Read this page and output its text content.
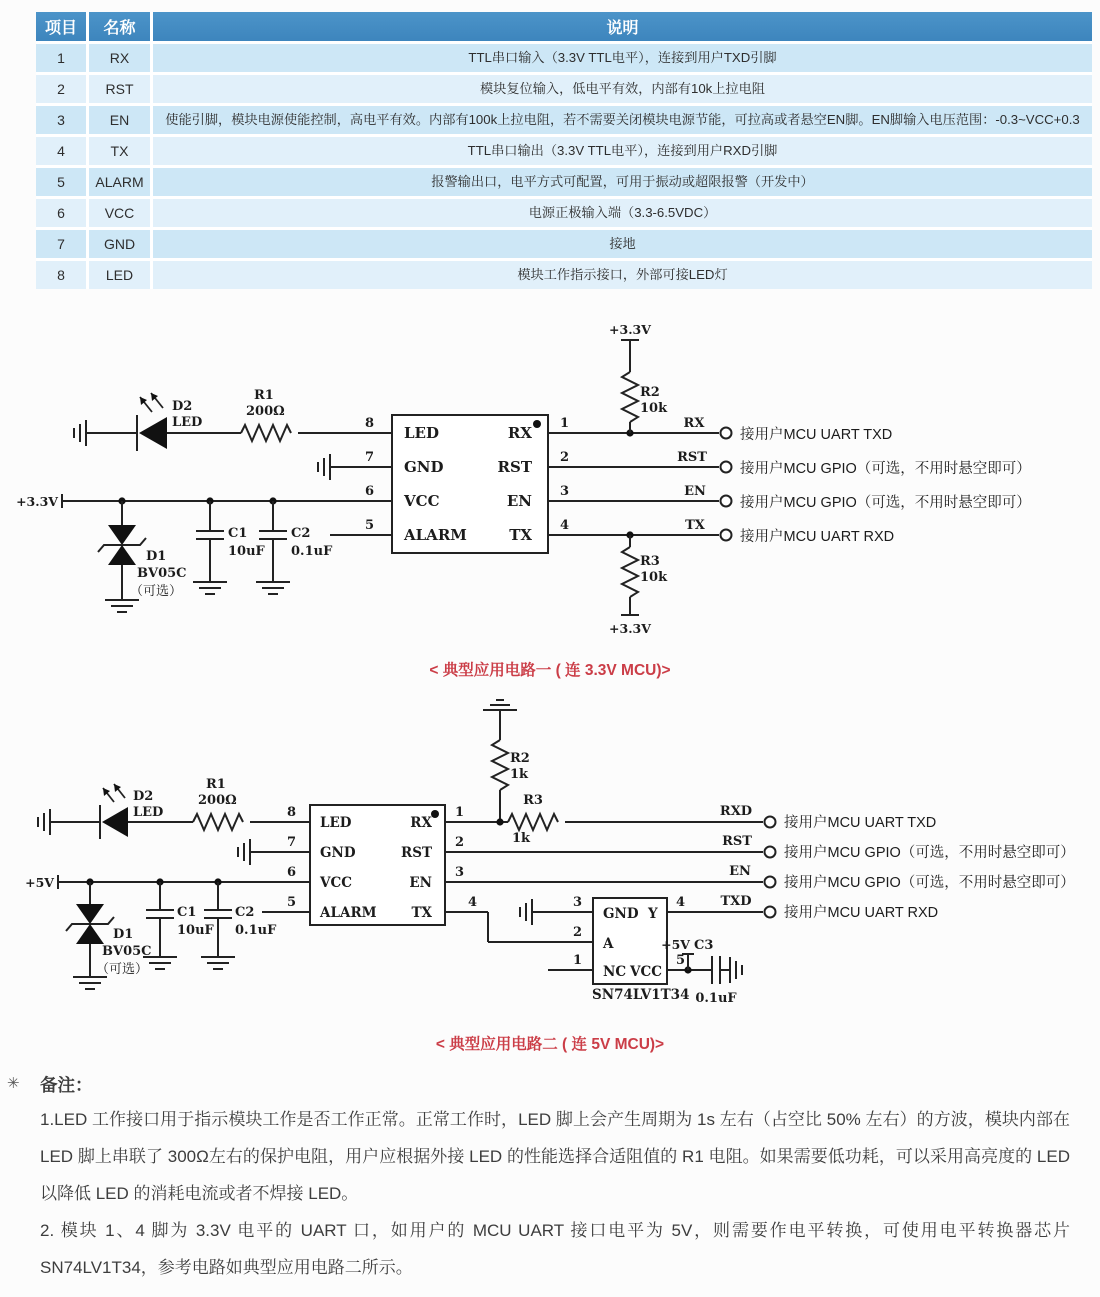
项目	名称	说明
1	RX	TTL串口输入（3.3V TTL电平），连接到用户TXD引脚
2	RST	模块复位输入，低电平有效，内部有10k上拉电阻
3	EN	使能引脚，模块电源使能控制，高电平有效。内部有100k上拉电阻，若不需要关闭模块电源节能，可拉高或者悬空EN脚。EN脚输入电压范围：-0.3~VCC+0.3
4	TX	TTL串口输出（3.3V TTL电平），连接到用户RXD引脚
5	ALARM	报警输出口，电平方式可配置，可用于振动或超限报警（开发中）
6	VCC	电源正极输入端（3.3-6.5VDC）
7	GND	接地
8	LED	模块工作指示接口，外部可接LED灯
D2
LED
R1
200Ω
+3.3V
D1
BV05C
（可选）
C1
10uF
C2
0.1uF
LED
GND
VCC
ALARM
RX
RST
EN
TX
8
7
6
5
1
2
3
4
+3.3V
R2
10k
RX
接用户MCU UART TXD
RST
接用户MCU GPIO（可选，不用时悬空即可）
EN
接用户MCU GPIO（可选，不用时悬空即可）
R3
10k
+3.3V
TX
接用户MCU UART RXD
< 典型应用电路一 ( 连 3.3V MCU)>
R2
1k
D2
LED
R1
200Ω
+5V
D1
BV05C
（可选）
C1
10uF
C2
0.1uF
LED
GND
VCC
ALARM
RX
RST
EN
TX
8
7
6
5
1
2
3
4
R3
1k
RXD
接用户MCU UART TXD
RST
接用户MCU GPIO（可选，不用时悬空即可）
EN
接用户MCU GPIO（可选，不用时悬空即可）
3
2
1
GND Y
A
NC VCC
SN74LV1T34
4	TXD
接用户MCU UART RXD
5
+5V C3
0.1uF
< 典型应用电路二 ( 连 5V MCU)>
✳ 备注：

1.LED 工作接口用于指示模块工作是否工作正常。正常工作时，LED 脚上会产生周期为 1s 左右（占空比 50% 左右）的方波，模块内部在 LED 脚上串联了 300Ω左右的保护电阻，用户应根据外接 LED 的性能选择合适阻值的 R1 电阻。如果需要低功耗，可以采用高亮度的 LED 以降低 LED 的消耗电流或者不焊接 LED。

2. 模块 1、4 脚为 3.3V 电平的 UART 口，如用户的 MCU UART 接口电平为 5V，则需要作电平转换，可使用电平转换器芯片 SN74LV1T34，参考电路如典型应用电路二所示。
